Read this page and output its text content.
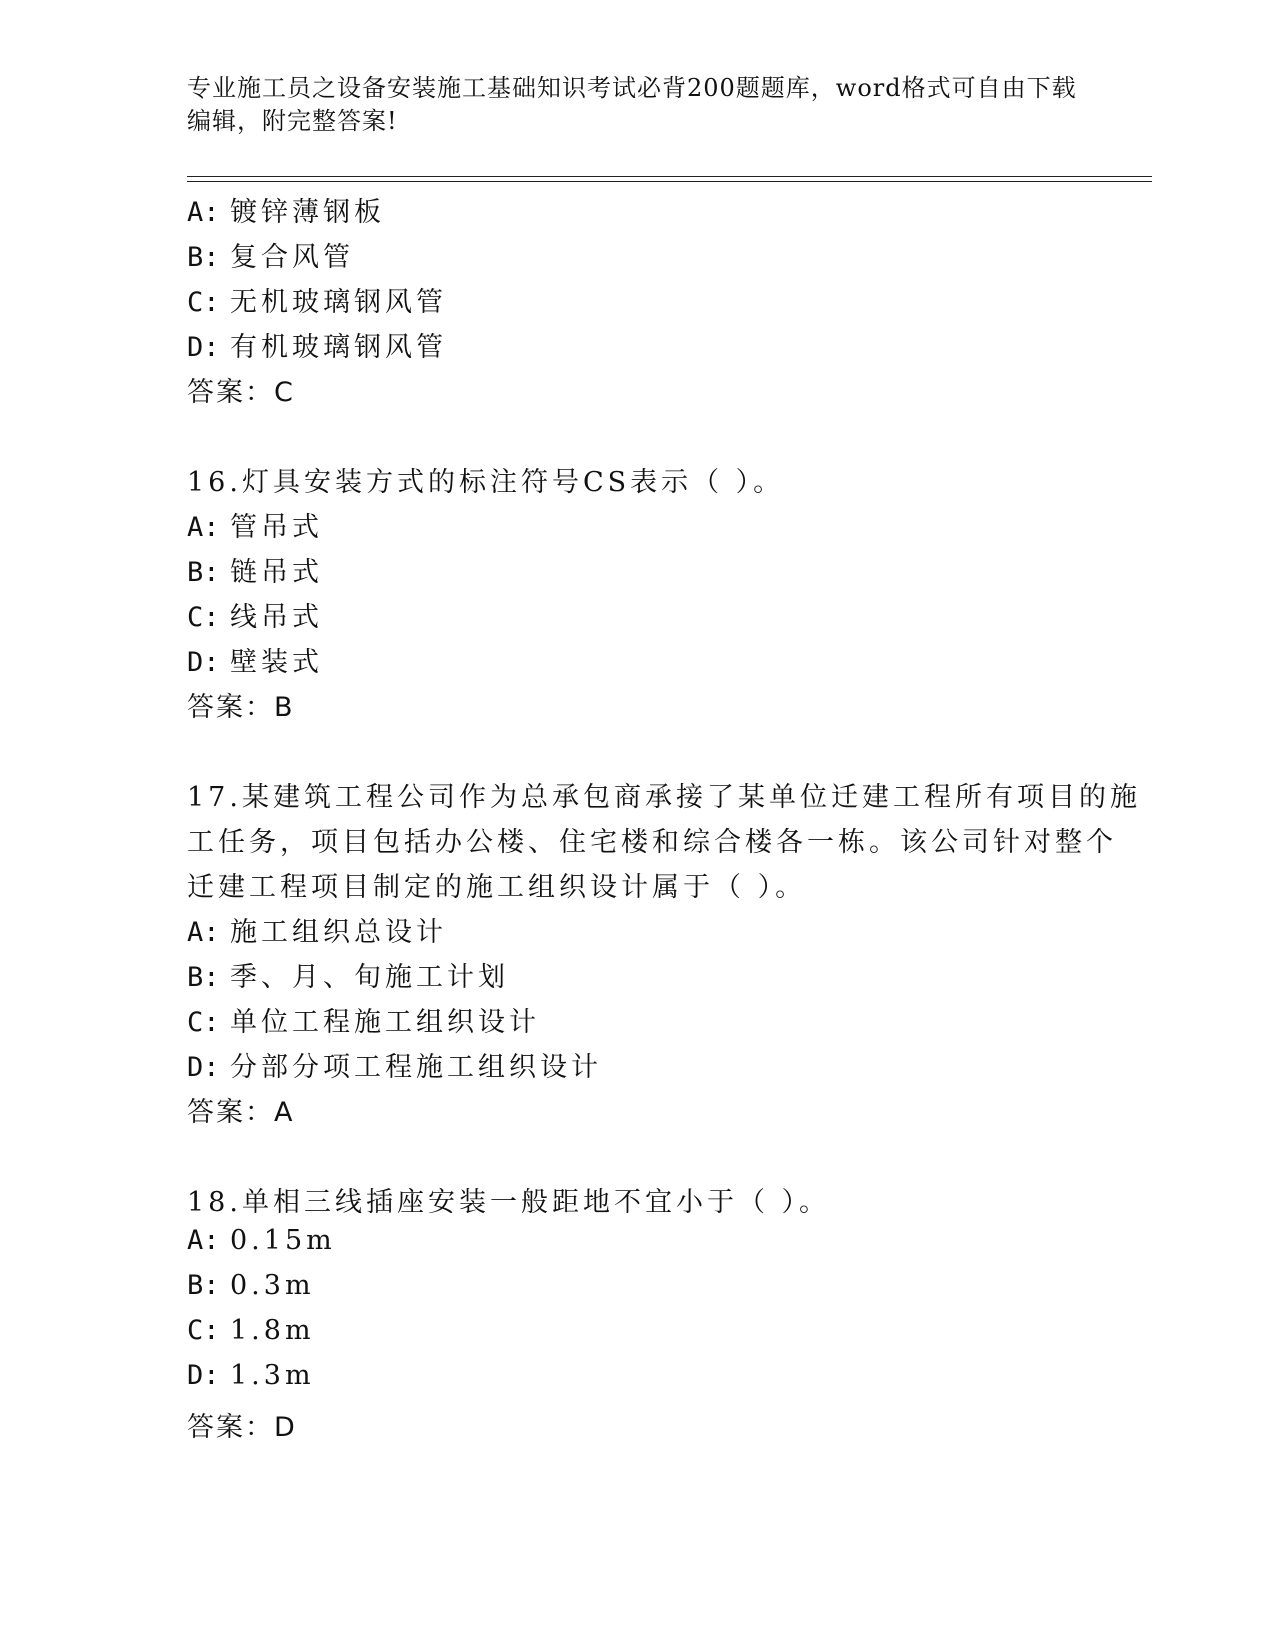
专业施工员之设备安装施工基础知识考试必背200题题库，word格式可自由下载
编辑，附完整答案!
A: 镀锌薄钢板
B: 复合风管
C: 无机玻璃钢风管
D: 有机玻璃钢风管
答案：C
16.灯具安装方式的标注符号CS表示（ ）。
A: 管吊式
B: 链吊式
C: 线吊式
D: 壁装式
答案：B
17.某建筑工程公司作为总承包商承接了某单位迁建工程所有项目的施
工任务，项目包括办公楼、住宅楼和综合楼各一栋。该公司针对整个
迁建工程项目制定的施工组织设计属于（ ）。
A: 施工组织总设计
B: 季、月、旬施工计划
C: 单位工程施工组织设计
D: 分部分项工程施工组织设计
答案：A
18.单相三线插座安装一般距地不宜小于（ ）。
A: 0.15m
B: 0.3m
C: 1.8m
D: 1.3m
答案：D
